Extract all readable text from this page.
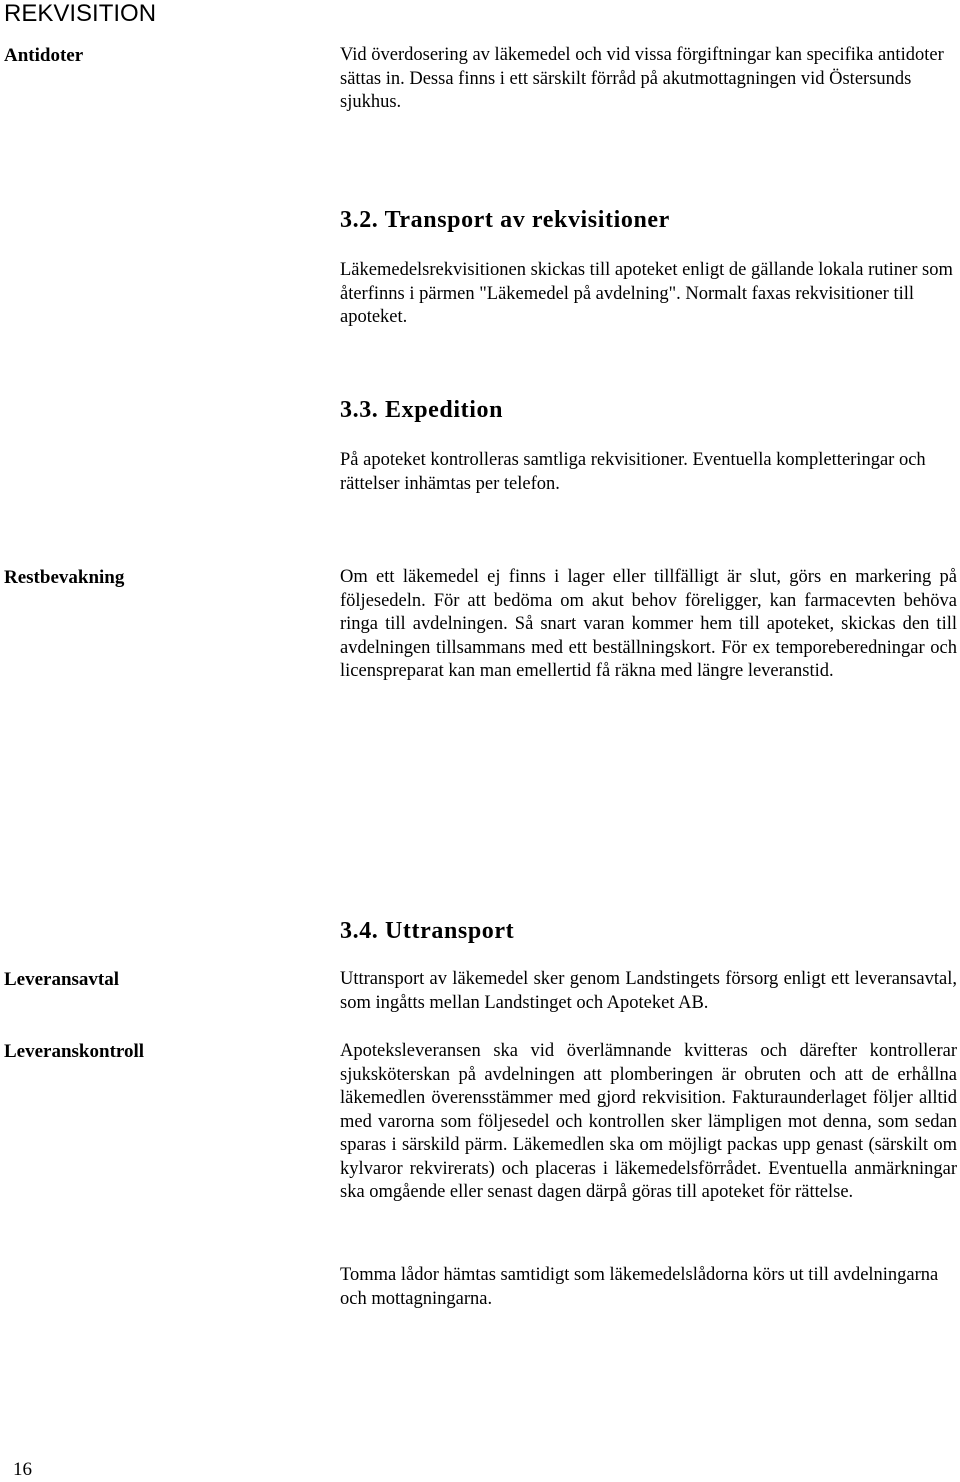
REKVISITION
Antidoter	Vid överdosering av läkemedel och vid vissa förgiftningar kan specifika antidoter sättas in. Dessa finns i ett särskilt förråd på akutmottagningen vid Östersunds sjukhus.
3.2. Transport av rekvisitioner
Läkemedelsrekvisitionen skickas till apoteket enligt de gällande lokala rutiner som återfinns i pärmen "Läkemedel på avdelning". Normalt faxas rekvisitioner till apoteket.
3.3. Expedition
På apoteket kontrolleras samtliga rekvisitioner. Eventuella kompletteringar och rättelser inhämtas per telefon.
Restbevakning	Om ett läkemedel ej finns i lager eller tillfälligt är slut, görs en markering på följesedeln. För att bedöma om akut behov föreligger, kan farmacevten behöva ringa till avdelningen. Så snart varan kommer hem till apoteket, skickas den till avdelningen tillsammans med ett beställningskort. För ex temporeberedningar och licenspreparat kan man emellertid få räkna med längre leveranstid.
3.4. Uttransport
Leveransavtal	Uttransport av läkemedel sker genom Landstingets försorg enligt ett leveransavtal, som ingåtts mellan Landstinget och Apoteket AB.
Leveranskontroll	Apoteksleveransen ska vid överlämnande kvitteras och därefter kontrollerar sjuksköterskan på avdelningen att plomberingen är obruten och att de erhållna läkemedlen överensstämmer med gjord rekvisition. Fakturaunderlaget följer alltid med varorna som följesedel och kontrollen sker lämpligen mot denna, som sedan sparas i särskild pärm. Läkemedlen ska om möjligt packas upp genast (särskilt om kylvaror rekvirerats) och placeras i läkemedelsförrådet. Eventuella anmärkningar ska omgående eller senast dagen därpå göras till apoteket för rättelse.
Tomma lådor hämtas samtidigt som läkemedelslådorna körs ut till avdelningarna och mottagningarna.
16
